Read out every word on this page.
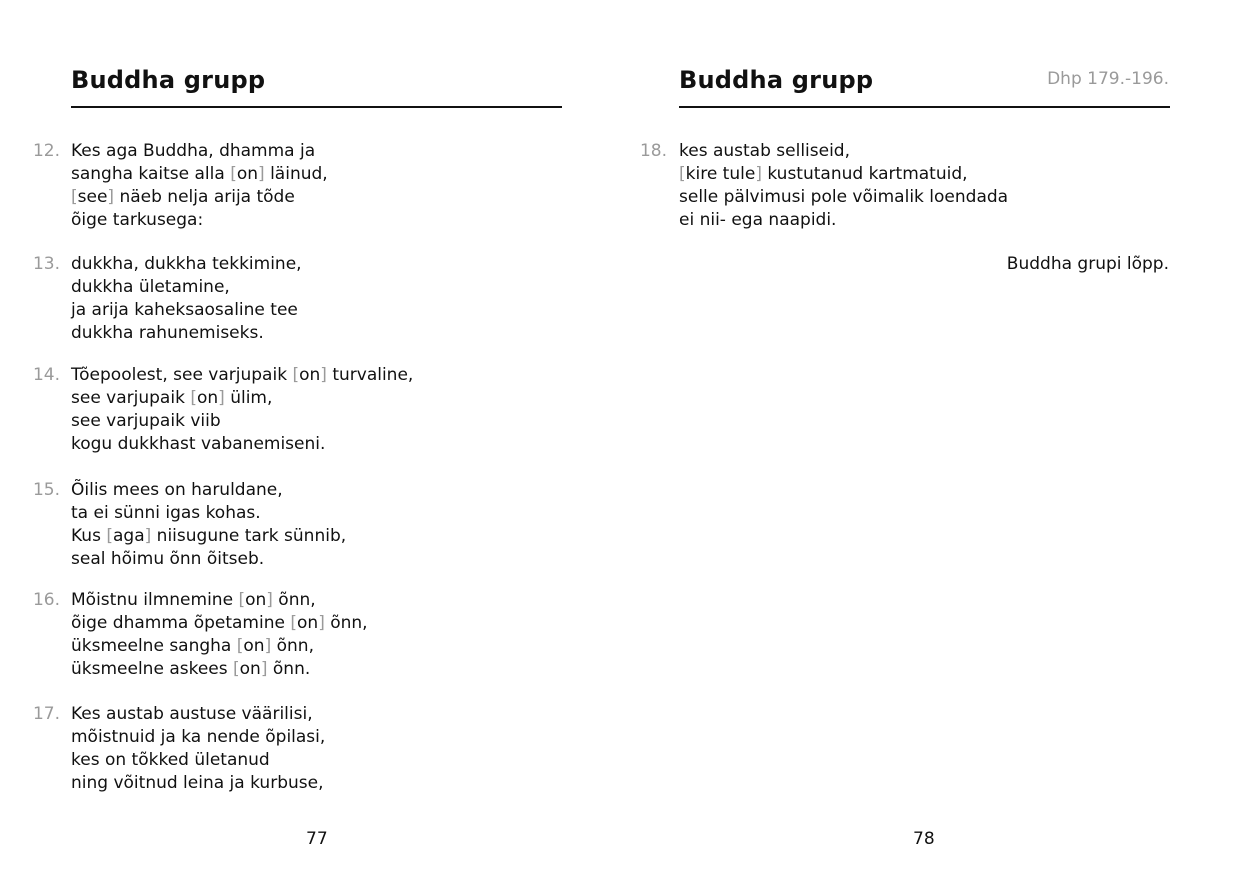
Buddha grupp
12. Kes aga Buddha, dhamma ja
sangha kaitse alla [on] läinud,
[see] näeb nelja arija tõde
õige tarkusega:
13. dukkha, dukkha tekkimine,
dukkha ületamine,
ja arija kaheksaosaline tee
dukkha rahunemiseks.
14. Tõepoolest, see varjupaik [on] turvaline,
see varjupaik [on] ülim,
see varjupaik viib
kogu dukkhast vabanemiseni.
15. Õilis mees on haruldane,
ta ei sünni igas kohas.
Kus [aga] niisugune tark sünnib,
seal hõimu õnn õitseb.
16. Mõistnu ilmnemine [on] õnn,
õige dhamma õpetamine [on] õnn,
üksmeelne sangha [on] õnn,
üksmeelne askees [on] õnn.
17. Kes austab austuse väärilisi,
mõistnuid ja ka nende õpilasi,
kes on tõkked ületanud
ning võitnud leina ja kurbuse,
77
Buddha grupp	Dhp 179.-196.
18. kes austab selliseid,
[kire tule] kustutanud kartmatuid,
selle pälvimusi pole võimalik loendada
ei nii- ega naapidi.
Buddha grupi lõpp.
78
